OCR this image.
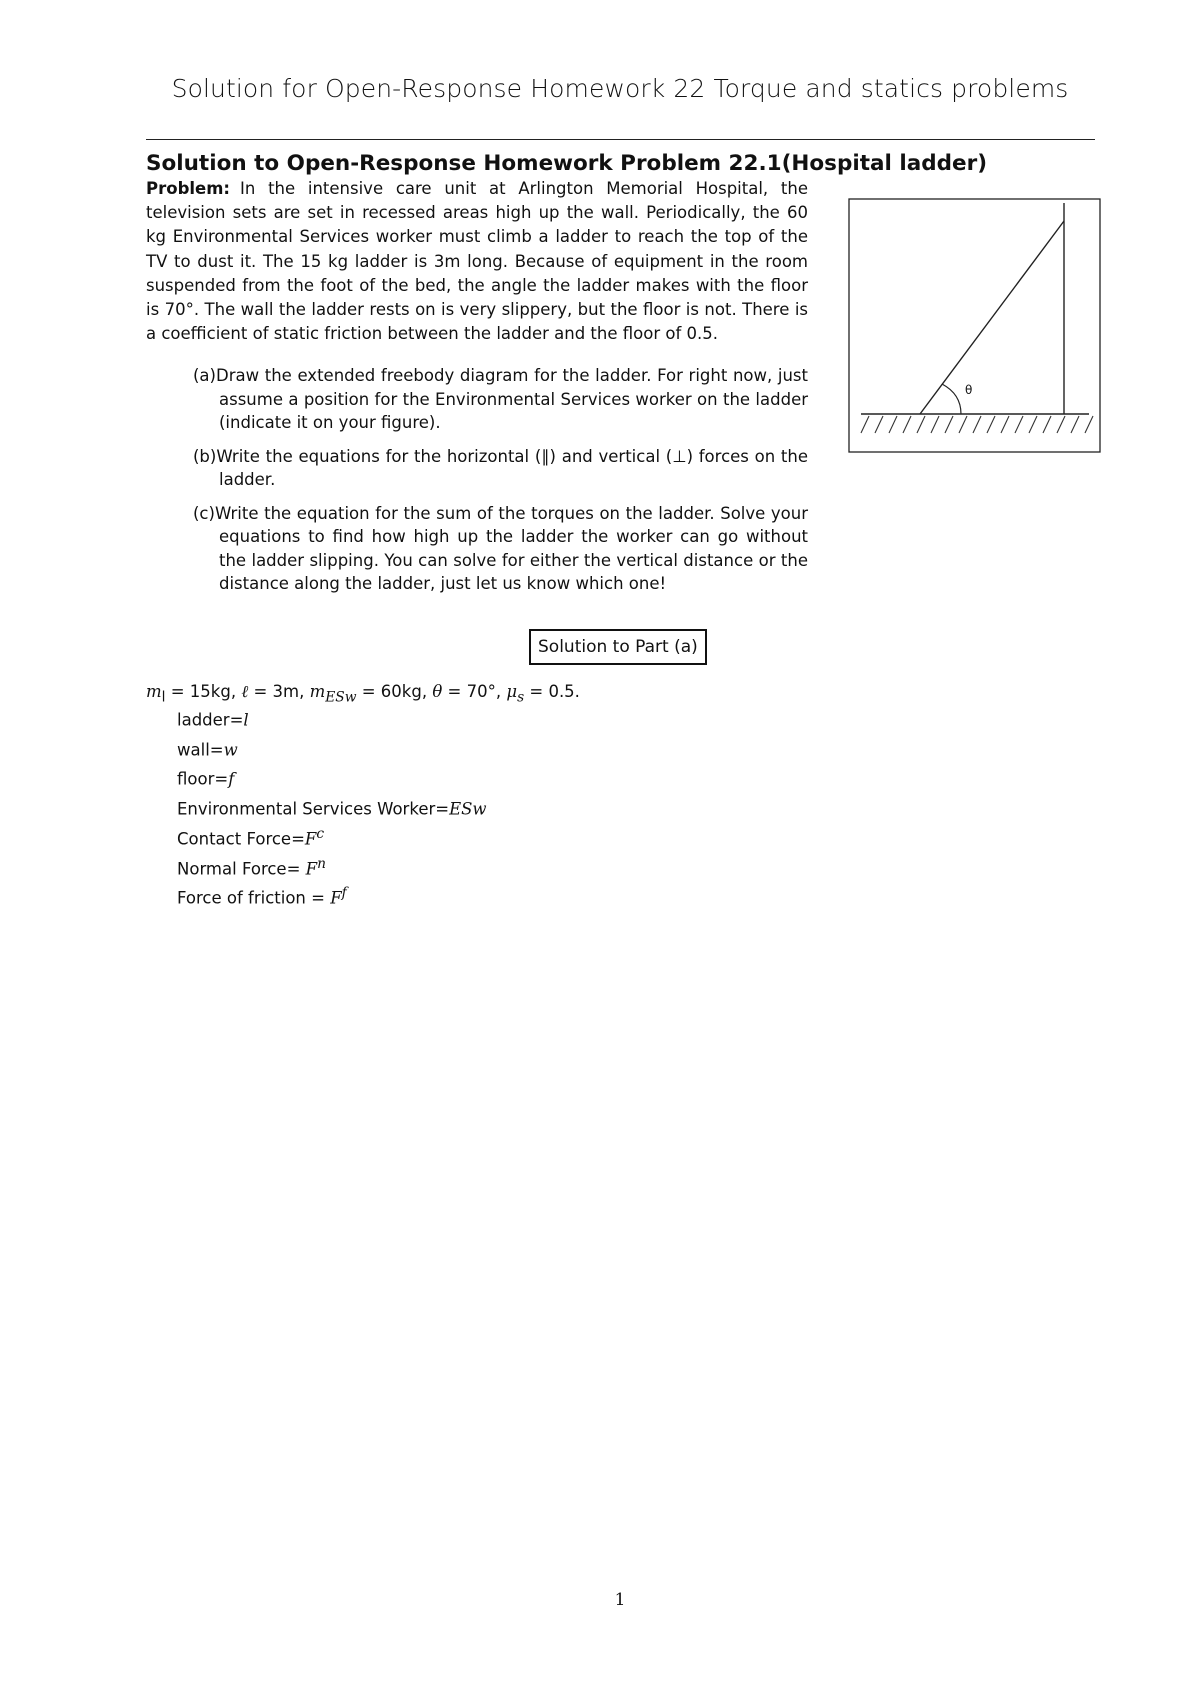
Solution for Open-Response Homework 22 Torque and statics problems
Solution to Open-Response Homework Problem 22.1(Hospital ladder)
Problem: In the intensive care unit at Arlington Memorial Hospital, the television sets are set in recessed areas high up the wall. Periodically, the 60 kg Environmental Services worker must climb a ladder to reach the top of the TV to dust it. The 15 kg ladder is 3m long. Because of equipment in the room suspended from the foot of the bed, the angle the ladder makes with the floor is 70°. The wall the ladder rests on is very slippery, but the floor is not. There is a coefficient of static friction between the ladder and the floor of 0.5.
(a)Draw the extended freebody diagram for the ladder. For right now, just assume a position for the Environmental Services worker on the ladder (indicate it on your figure).
(b)Write the equations for the horizontal (∥) and vertical (⊥) forces on the ladder.
(c)Write the equation for the sum of the torques on the ladder. Solve your equations to find how high up the ladder the worker can go without the ladder slipping. You can solve for either the vertical distance or the distance along the ladder, just let us know which one!
θ
Solution to Part (a)
$m_l = 15kg$, ℓ = 3m, $m_{ESw} = 60kg$, θ = 70°, $\mu_s = 0.5$.
ladder=l
wall=w
floor=f
Environmental Services Worker=ESw
Contact $Force=F^c$
Normal Force= $F^n$
Force of friction = $F^f$
1
